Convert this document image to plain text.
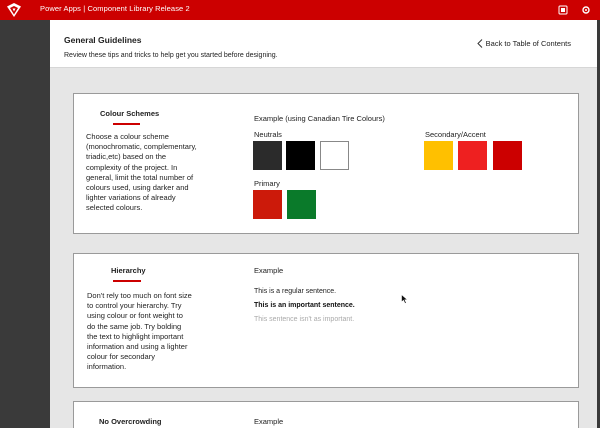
Power Apps | Component Library Release 2
General Guidelines
Review these tips and tricks to help get you started before designing.
Back to Table of Contents
Colour Schemes
Choose a colour scheme (monochromatic, complementary, triadic,etc) based on the complexity of the project. In general, limit the total number of colours used, using darker and lighter variations of already selected colours.
Example (using Canadian Tire Colours)
Neutrals	Secondary/Accent
Primary
Hierarchy
Don't rely too much on font size to control your hierarchy. Try using colour or font weight to do the same job. Try bolding the text to highlight important information and using a lighter colour for secondary information.
Example
This is a regular sentence.
This is an important sentence.
This sentence isn't as important.
No Overcrowding	Example
